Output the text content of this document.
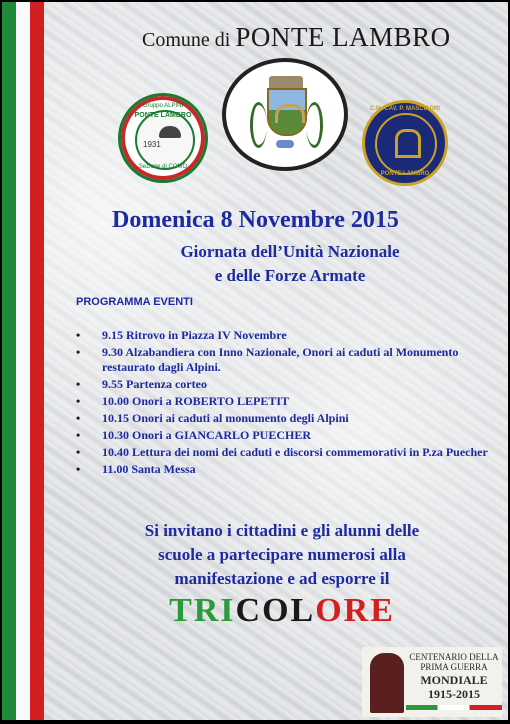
Comune di PONTE LAMBRO
Gruppo ALPINI
PONTE LAMBRO
1931
Sezione di COMO
C.M. CAV. P. MASCIADRI
PONTE LAMBRO
Domenica 8 Novembre 2015
Giornata dell’Unità Nazionale
e delle Forze Armate
PROGRAMMA EVENTI
• 9.15 Ritrovo in Piazza IV Novembre
• 9.30 Alzabandiera con Inno Nazionale, Onori ai caduti al Monumento restaurato dagli Alpini.
• 9.55 Partenza corteo
• 10.00 Onori a ROBERTO LEPETIT
• 10.15 Onori ai caduti al monumento degli Alpini
• 10.30 Onori a GIANCARLO PUECHER
• 10.40 Lettura dei nomi dei caduti e discorsi commemorativi in P.za Puecher
• 11.00 Santa Messa
Si invitano i cittadini e gli alunni delle
scuole a partecipare numerosi alla
manifestazione e ad esporre il
TRICOLORE
CENTENARIO DELLA
PRIMA GUERRA
MONDIALE
1915-2015
